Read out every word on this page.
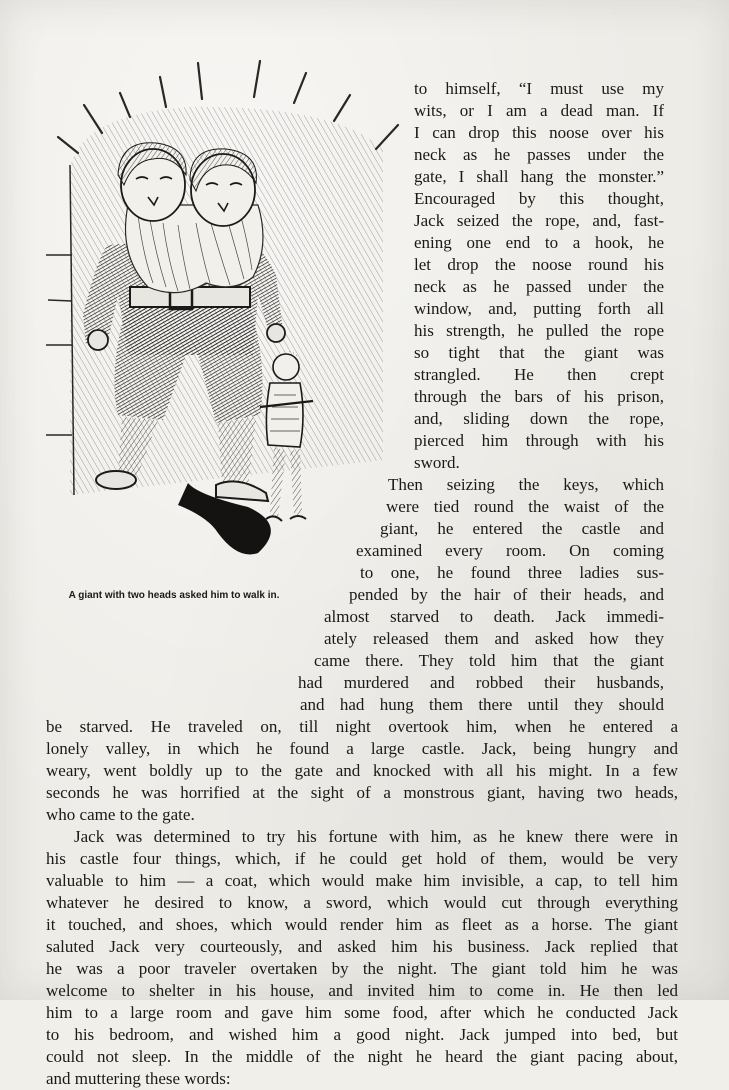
A giant with two heads asked him to walk in.
to himself, “I must use my
wits, or I am a dead man. If
I can drop this noose over his
neck as he passes under the
gate, I shall hang the monster.”
Encouraged by this thought,
Jack seized the rope, and, fast-
ening one end to a hook, he
let drop the noose round his
neck as he passed under the
window, and, putting forth all
his strength, he pulled the rope
so tight that the giant was
strangled. He then crept
through the bars of his prison,
and, sliding down the rope,
pierced him through with his
sword.
Then seizing the keys, which
were tied round the waist of the
giant, he entered the castle and
examined every room. On coming
to one, he found three ladies sus-
pended by the hair of their heads, and
almost starved to death. Jack immedi-
ately released them and asked how they
came there. They told him that the giant
had murdered and robbed their husbands,
and had hung them there until they should
be starved. He traveled on, till night overtook him, when he entered a
lonely valley, in which he found a large castle. Jack, being hungry and
weary, went boldly up to the gate and knocked with all his might. In a few
seconds he was horrified at the sight of a monstrous giant, having two heads,
who came to the gate.
Jack was determined to try his fortune with him, as he knew there were in
his castle four things, which, if he could get hold of them, would be very
valuable to him — a coat, which would make him invisible, a cap, to tell him
whatever he desired to know, a sword, which would cut through everything
it touched, and shoes, which would render him as fleet as a horse. The giant
saluted Jack very courteously, and asked him his business. Jack replied that
he was a poor traveler overtaken by the night. The giant told him he was
welcome to shelter in his house, and invited him to come in. He then led
him to a large room and gave him some food, after which he conducted Jack
to his bedroom, and wished him a good night. Jack jumped into bed, but
could not sleep. In the middle of the night he heard the giant pacing about,
and muttering these words:
